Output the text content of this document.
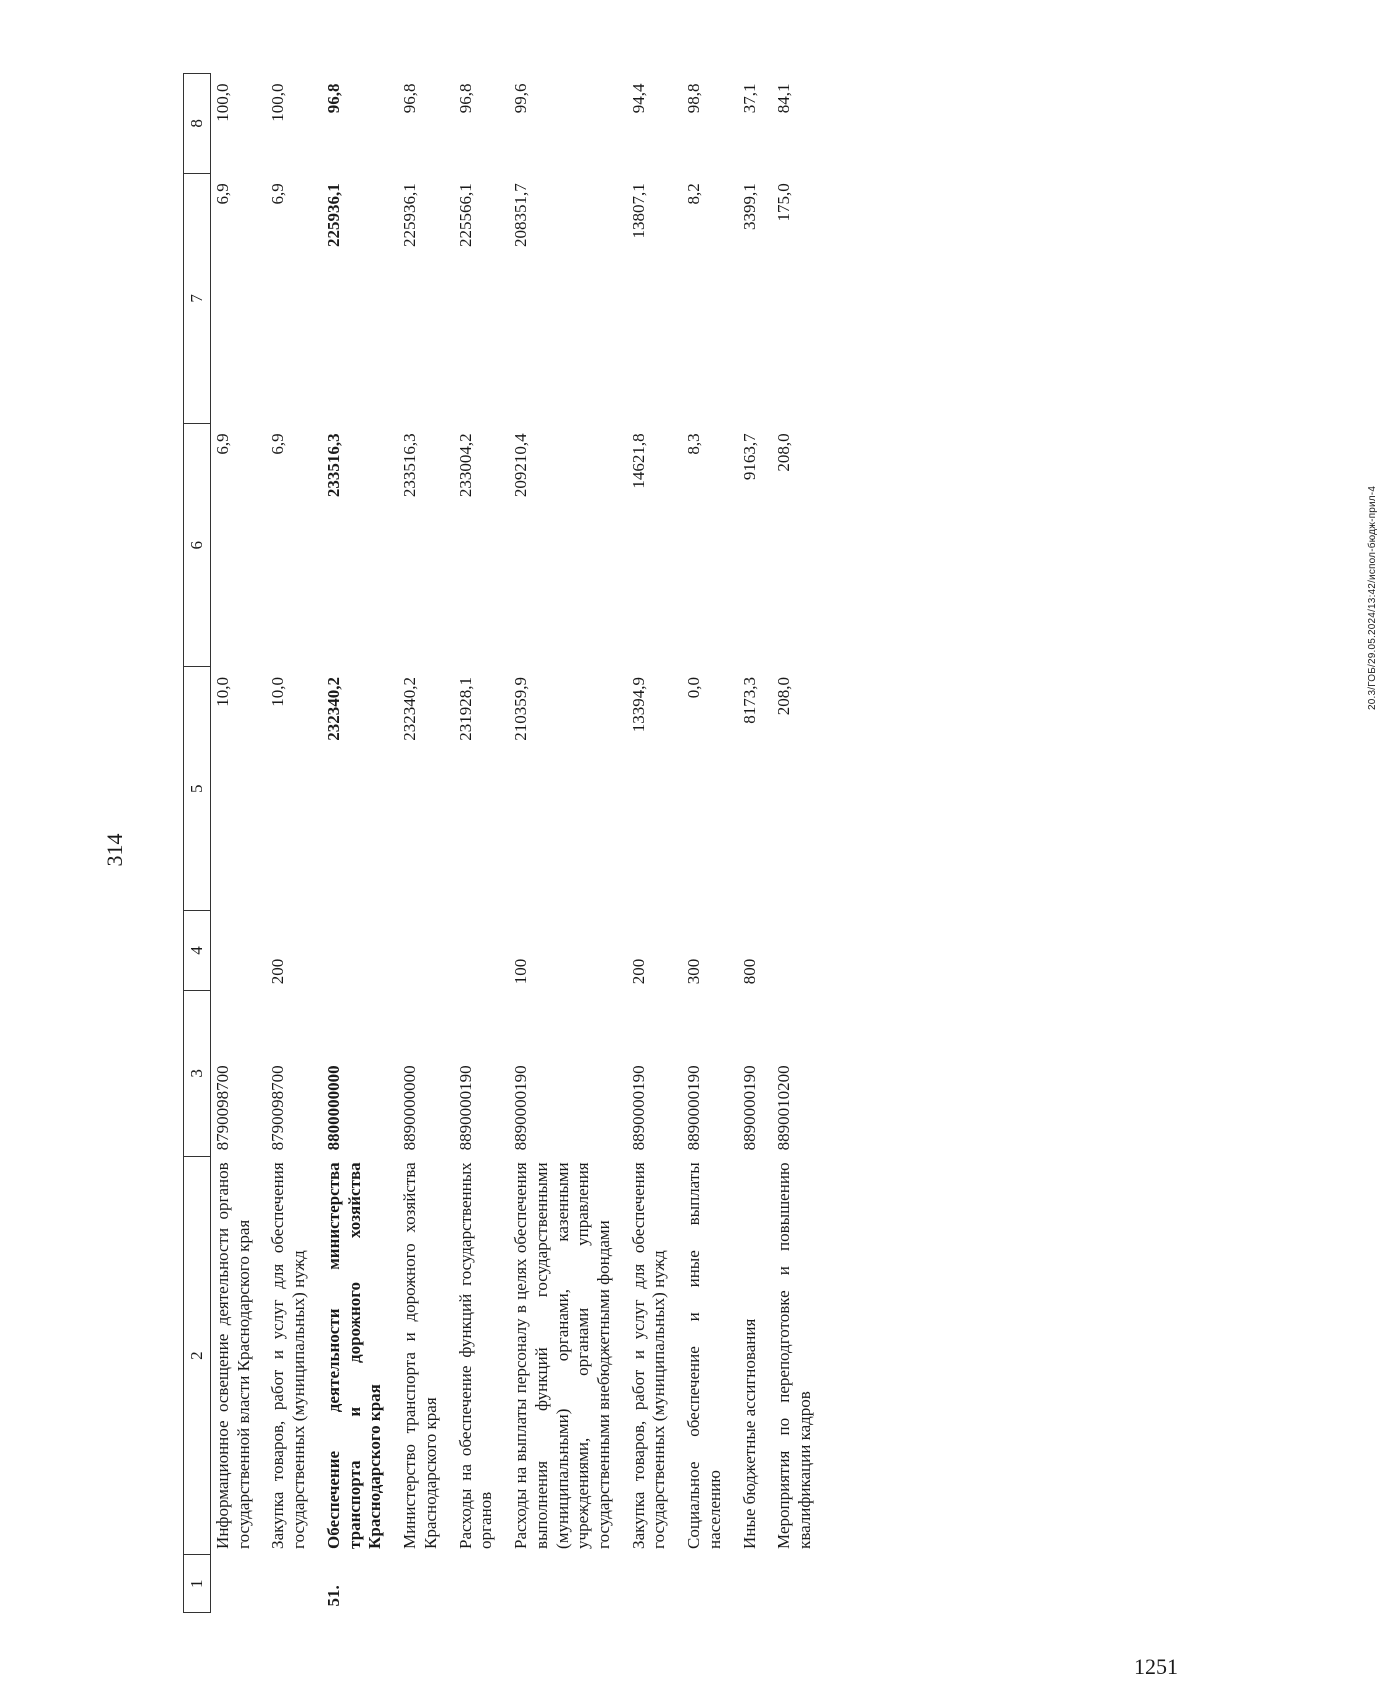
314
20.3/ГОБ/29.05.2024/13:42/испол-бюдж-прил-4
1251
1	2	3	4	5	6	7	8
	Информационное освещение деятельности органов государственной власти Краснодарского края	8790098700		10,0	6,9	6,9	100,0
	Закупка товаров, работ и услуг для обеспечения государственных (муниципальных) нужд	8790098700	200	10,0	6,9	6,9	100,0
51.	Обеспечение деятельности министерства транспорта и дорожного хозяйства Краснодарского края	8800000000		232340,2	233516,3	225936,1	96,8
	Министерство транспорта и дорожного хозяйства Краснодарского края	8890000000		232340,2	233516,3	225936,1	96,8
	Расходы на обеспечение функций государственных органов	8890000190		231928,1	233004,2	225566,1	96,8
	Расходы на выплаты персоналу в целях обеспечения выполнения функций государственными (муниципальными) органами, казенными учреждениями, органами управления государственными внебюджетными фондами	8890000190	100	210359,9	209210,4	208351,7	99,6
	Закупка товаров, работ и услуг для обеспечения государственных (муниципальных) нужд	8890000190	200	13394,9	14621,8	13807,1	94,4
	Социальное обеспечение и иные выплаты населению	8890000190	300	0,0	8,3	8,2	98,8
	Иные бюджетные ассигнования	8890000190	800	8173,3	9163,7	3399,1	37,1
	Мероприятия по переподготовке и повышению квалификации кадров	8890010200		208,0	208,0	175,0	84,1
